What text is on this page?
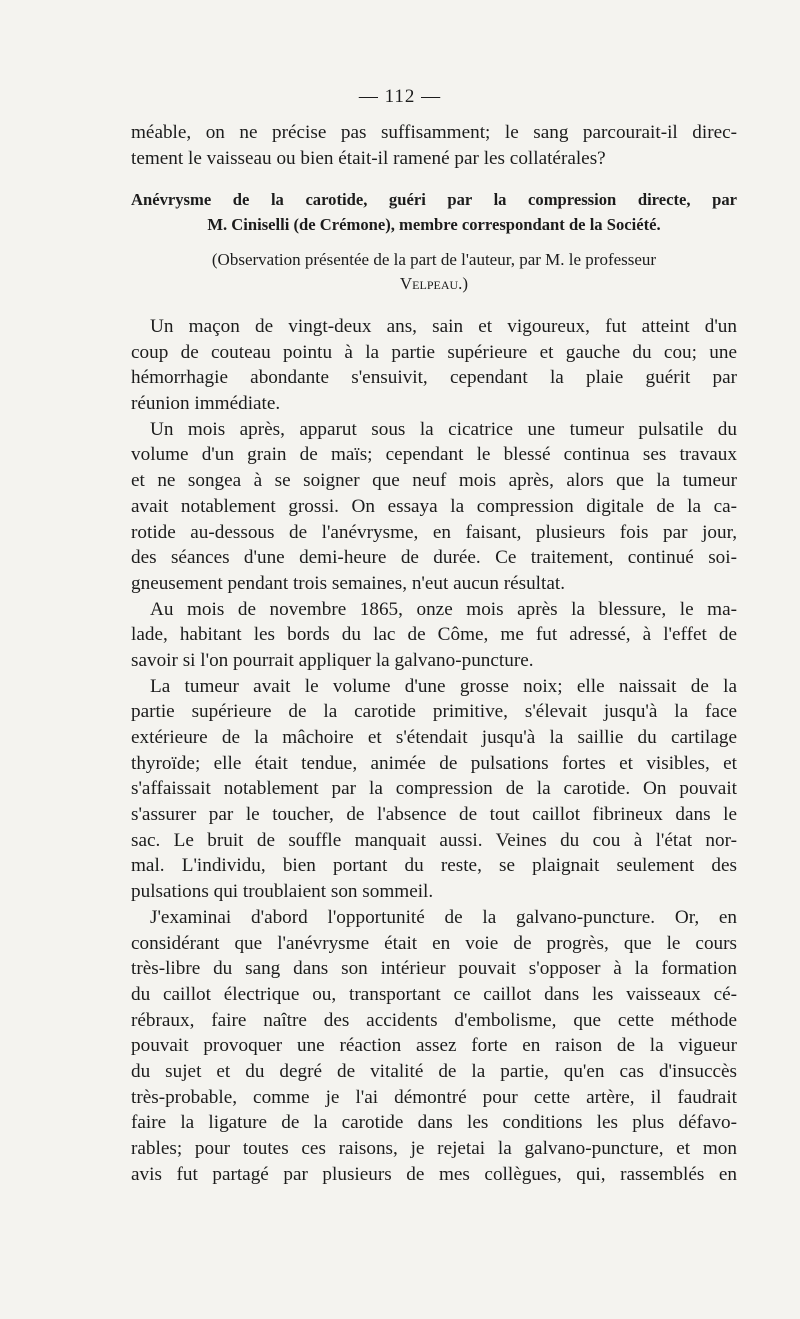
— 112 —
méable, on ne précise pas suffisamment; le sang parcourait-il direc-
tement le vaisseau ou bien était-il ramené par les collatérales?
Anévrysme de la carotide, guéri par la compression directe, par
M. Ciniselli (de Crémone), membre correspondant de la Société.
(Observation présentée de la part de l'auteur, par M. le professeur
Velpeau.)
Un maçon de vingt-deux ans, sain et vigoureux, fut atteint d'un
coup de couteau pointu à la partie supérieure et gauche du cou; une
hémorrhagie abondante s'ensuivit, cependant la plaie guérit par
réunion immédiate.
Un mois après, apparut sous la cicatrice une tumeur pulsatile du
volume d'un grain de maïs; cependant le blessé continua ses travaux
et ne songea à se soigner que neuf mois après, alors que la tumeur
avait notablement grossi. On essaya la compression digitale de la ca-
rotide au-dessous de l'anévrysme, en faisant, plusieurs fois par jour,
des séances d'une demi-heure de durée. Ce traitement, continué soi-
gneusement pendant trois semaines, n'eut aucun résultat.
Au mois de novembre 1865, onze mois après la blessure, le ma-
lade, habitant les bords du lac de Côme, me fut adressé, à l'effet de
savoir si l'on pourrait appliquer la galvano-puncture.
La tumeur avait le volume d'une grosse noix; elle naissait de la
partie supérieure de la carotide primitive, s'élevait jusqu'à la face
extérieure de la mâchoire et s'étendait jusqu'à la saillie du cartilage
thyroïde; elle était tendue, animée de pulsations fortes et visibles, et
s'affaissait notablement par la compression de la carotide. On pouvait
s'assurer par le toucher, de l'absence de tout caillot fibrineux dans le
sac. Le bruit de souffle manquait aussi. Veines du cou à l'état nor-
mal. L'individu, bien portant du reste, se plaignait seulement des
pulsations qui troublaient son sommeil.
J'examinai d'abord l'opportunité de la galvano-puncture. Or, en
considérant que l'anévrysme était en voie de progrès, que le cours
très-libre du sang dans son intérieur pouvait s'opposer à la formation
du caillot électrique ou, transportant ce caillot dans les vaisseaux cé-
rébraux, faire naître des accidents d'embolisme, que cette méthode
pouvait provoquer une réaction assez forte en raison de la vigueur
du sujet et du degré de vitalité de la partie, qu'en cas d'insuccès
très-probable, comme je l'ai démontré pour cette artère, il faudrait
faire la ligature de la carotide dans les conditions les plus défavo-
rables; pour toutes ces raisons, je rejetai la galvano-puncture, et mon
avis fut partagé par plusieurs de mes collègues, qui, rassemblés en
